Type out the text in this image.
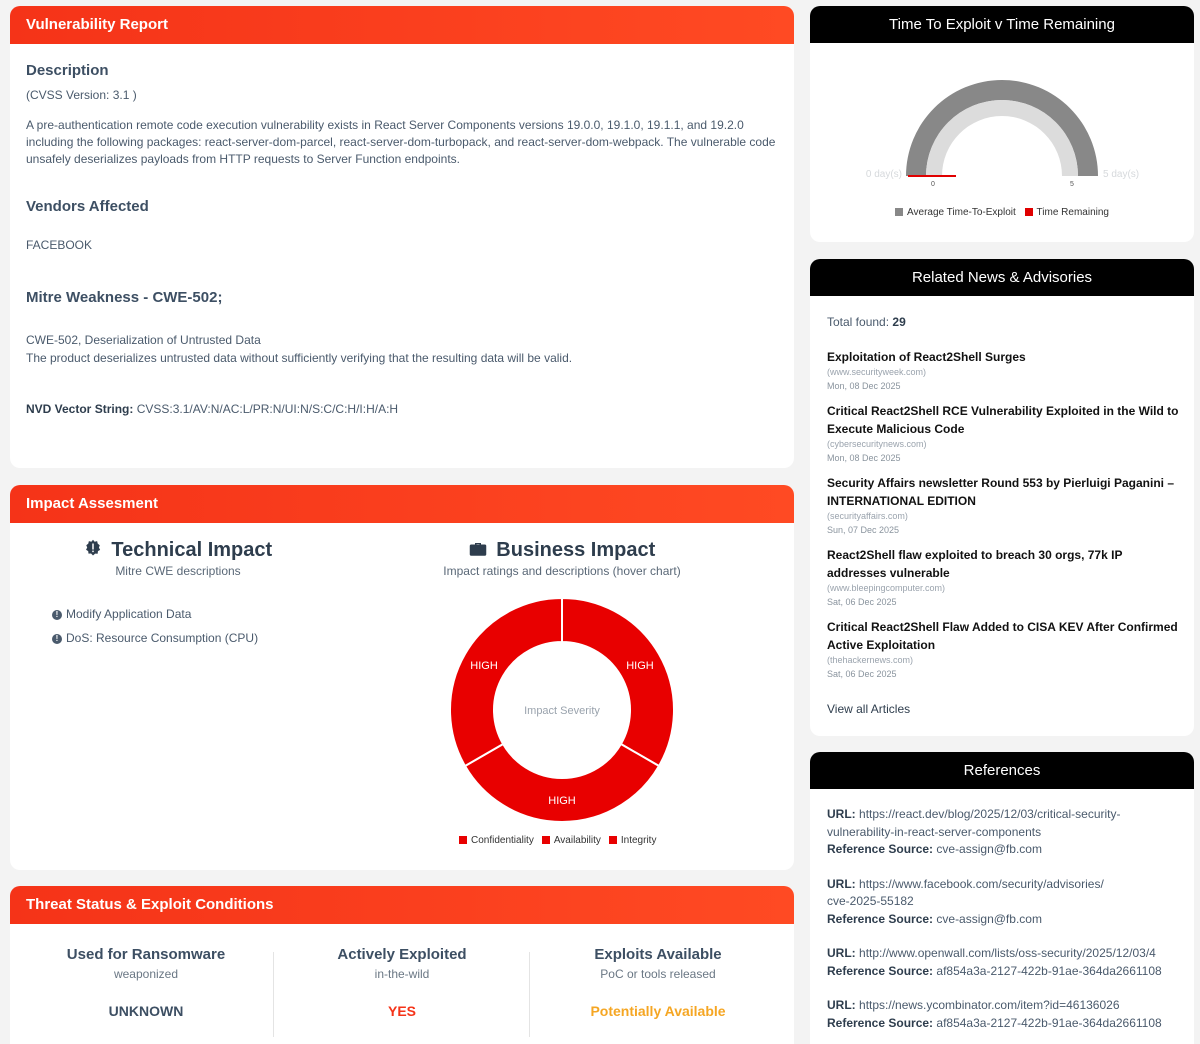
Vulnerability Report
Description
(CVSS Version: 3.1 )
A pre-authentication remote code execution vulnerability exists in React Server Components versions 19.0.0, 19.1.0, 19.1.1, and 19.2.0 including the following packages: react-server-dom-parcel, react-server-dom-turbopack, and react-server-dom-webpack. The vulnerable code unsafely deserializes payloads from HTTP requests to Server Function endpoints.
Vendors Affected
FACEBOOK
Mitre Weakness - CWE-502;
CWE-502, Deserialization of Untrusted Data
The product deserializes untrusted data without sufficiently verifying that the resulting data will be valid.
NVD Vector String: CVSS:3.1/AV:N/AC:L/PR:N/UI:N/S:C/C:H/I:H/A:H
Impact Assesment
Technical Impact
Mitre CWE descriptions
! Modify Application Data
! DoS: Resource Consumption (CPU)
Business Impact
Impact ratings and descriptions (hover chart)
Impact Severity
HIGH
HIGH
HIGH
Confidentiality Availability Integrity
Threat Status & Exploit Conditions
Used for Ransomware
weaponized
UNKNOWN
Actively Exploited
in-the-wild
YES
Exploits Available
PoC or tools released
Potentially Available
Time To Exploit v Time Remaining
0 day(s)	5 day(s)
0	5
Average Time-To-Exploit Time Remaining
Related News & Advisories
Total found: 29
Exploitation of React2Shell Surges
(www.securityweek.com)
Mon, 08 Dec 2025
Critical React2Shell RCE Vulnerability Exploited in the Wild to Execute Malicious Code
(cybersecuritynews.com)
Mon, 08 Dec 2025
Security Affairs newsletter Round 553 by Pierluigi Paganini – INTERNATIONAL EDITION
(securityaffairs.com)
Sun, 07 Dec 2025
React2Shell flaw exploited to breach 30 orgs, 77k IP addresses vulnerable
(www.bleepingcomputer.com)
Sat, 06 Dec 2025
Critical React2Shell Flaw Added to CISA KEV After Confirmed Active Exploitation
(thehackernews.com)
Sat, 06 Dec 2025
View all Articles
References
URL: https://react.dev/blog/2025/12/03/critical-security-vulnerability-in-react-server-components
Reference Source: cve-assign@fb.com
URL: https://www.facebook.com/security/advisories/cve-2025-55182
Reference Source: cve-assign@fb.com
URL: http://www.openwall.com/lists/oss-security/2025/12/03/4
Reference Source: af854a3a-2127-422b-91ae-364da2661108
URL: https://news.ycombinator.com/item?id=46136026
Reference Source: af854a3a-2127-422b-91ae-364da2661108
